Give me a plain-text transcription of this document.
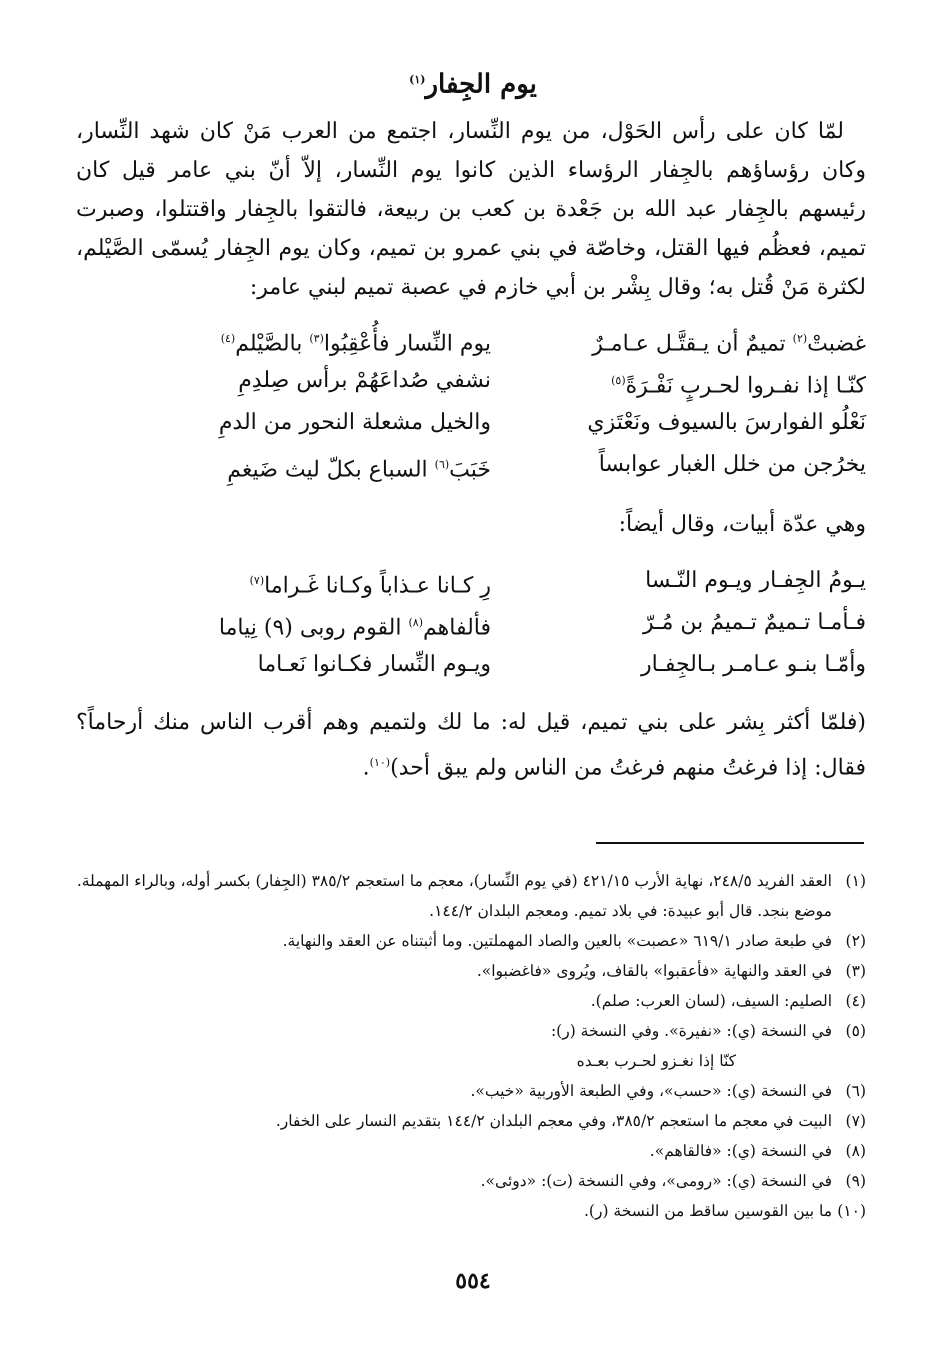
يوم الجِفار$^{(١)}$
لمّا كان على رأس الحَوْل، من يوم النِّسار، اجتمع من العرب مَنْ كان شهد النِّسار، وكان رؤساؤهم بالجِفار الرؤساء الذين كانوا يوم النِّسار، إلاّ أنّ بني عامر قيل كان رئيسهم بالجِفار عبد الله بن جَعْدة بن كعب بن ربيعة، فالتقوا بالجِفار واقتتلوا، وصبرت تميم، فعظُم فيها القتل، وخاصّة في بني عمرو بن تميم، وكان يوم الجِفار يُسمّى الصَّيْلم، لكثرة مَنْ قُتل به؛ وقال بِشْر بن أبي خازم في عصبة تميم لبني عامر:
غضبتْ$^{(٢)}$ تميمٌ أن يـقتَّـل عـامـرٌ
يوم النِّسار فأُعْقِبُوا$^{(٣)}$ بالصَّيْلم$^{(٤)}$
كنّـا إذا نفـروا لحـربٍ نَفْـرَةً$^{(٥)}$
نشفي صُداعَهُمْ برأس صِلدِمِ
نَعْلُو الفوارسَ بالسيوف ونَعْتَزي
والخيل مشعلة النحور من الدمِ
يخرُجن من خلل الغبار عوابساً
خَبَبَ$^{(٦)}$ السباع بكلّ ليث ضَيغمِ
وهي عدّة أبيات، وقال أيضاً:
يـومُ الجِفـار ويـوم النّـسا
رِ كـانا عـذاباً وكـانا غَـراما$^{(٧)}$
فـأمـا تـميمٌ تـميمُ بن مُـرّ
فألفاهم$^{(٨)}$ القوم روبى (٩) نِياما
وأمّـا بنـو عـامـر بـالجِفـار
ويـوم النِّسار فكـانوا نَعـاما
(فلمّا أكثر بِشر على بني تميم، قيل له: ما لك ولتميم وهم أقرب الناس منك أرحاماً؟ فقال: إذا فرغتُ منهم فرغتُ من الناس ولم يبق أحد)$^{(١٠)}$.
(١)
العقد الفريد ٢٤٨/٥، نهاية الأرب ٤٢١/١٥ (في يوم النِّسار)، معجم ما استعجم ٣٨٥/٢ (الجِفار) بكسر أوله، وبالراء المهملة. موضع بنجد. قال أبو عبيدة: في بلاد تميم. ومعجم البلدان ١٤٤/٢.
(٢)
في طبعة صادر ٦١٩/١ «عصبت» بالعين والصاد المهملتين. وما أثبتناه عن العقد والنهاية.
(٣)
في العقد والنهاية «فأعقبوا» بالقاف، ويُروى «فاغضبوا».
(٤)
الصليم: السيف، (لسان العرب: صلم).
(٥)
في النسخة (ي): «نفيرة». وفي النسخة (ر):
كنّا إذا نغـزو لحـرب بعـده
(٦)
في النسخة (ي): «حسب»، وفي الطبعة الأوربية «خيب».
(٧)
البيت في معجم ما استعجم ٣٨٥/٢، وفي معجم البلدان ١٤٤/٢ بتقديم النسار على الخفار.
(٨)
في النسخة (ي): «فالقاهم».
(٩)
في النسخة (ي): «رومى»، وفي النسخة (ت): «دوئى».
(١٠)
ما بين القوسين ساقط من النسخة (ر).
٥٥٤
